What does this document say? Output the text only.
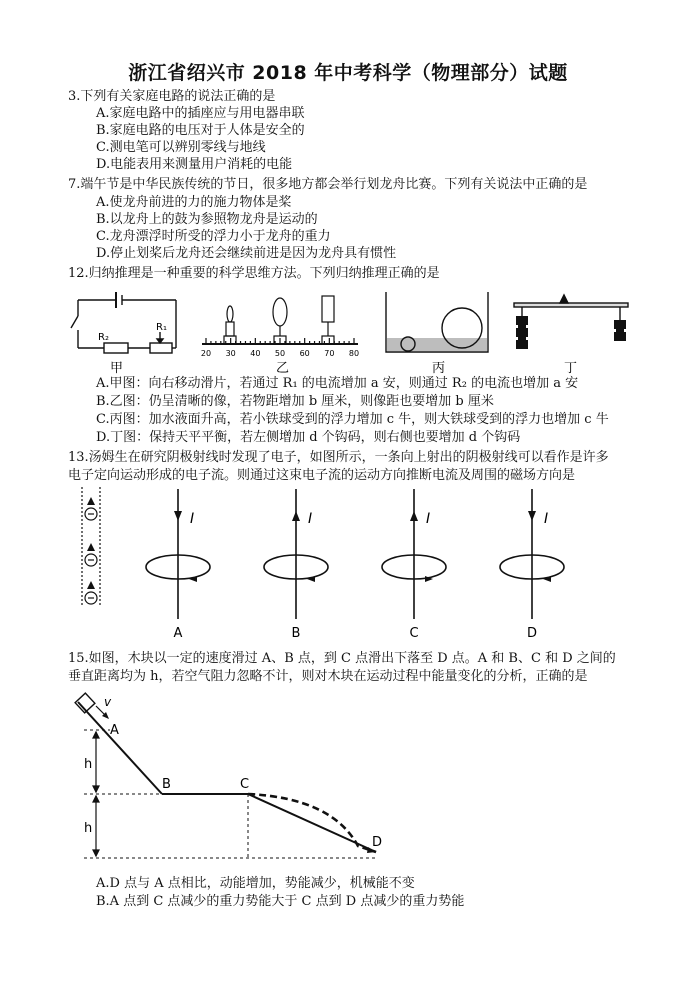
浙江省绍兴市 2018 年中考科学（物理部分）试题
3.下列有关家庭电路的说法正确的是
A.家庭电路中的插座应与用电器串联
B.家庭电路的电压对于人体是安全的
C.测电笔可以辨别零线与地线
D.电能表用来测量用户消耗的电能
7.端午节是中华民族传统的节日，很多地方都会举行划龙舟比赛。下列有关说法中正确的是
A.使龙舟前进的力的施力物体是桨
B.以龙舟上的鼓为参照物龙舟是运动的
C.龙舟漂浮时所受的浮力小于龙舟的重力
D.停止划桨后龙舟还会继续前进是因为龙舟具有惯性
12.归纳推理是一种重要的科学思维方法。下列归纳推理正确的是
R₂
R₁
甲
20 30 40 50 60 70 80
乙	丙	丁
A.甲图：向右移动滑片，若通过 R₁ 的电流增加 a 安，则通过 R₂ 的电流也增加 a 安
B.乙图：仍呈清晰的像，若物距增加 b 厘米，则像距也要增加 b 厘米
C.丙图：加水液面升高，若小铁球受到的浮力增加 c 牛，则大铁球受到的浮力也增加 c 牛
D.丁图：保持天平平衡，若左侧增加 d 个钩码，则右侧也要增加 d 个钩码
13.汤姆生在研究阴极射线时发现了电子，如图所示，一条向上射出的阴极射线可以看作是许多
电子定向运动形成的电子流。则通过这束电子流的运动方向推断电流及周围的磁场方向是
I
A
I
B
I
C
I
D
15.如图，木块以一定的速度滑过 A、B 点，到 C 点滑出下落至 D 点。A 和 B、C 和 D 之间的
垂直距离均为 h，若空气阻力忽略不计，则对木块在运动过程中能量变化的分析，正确的是
v
A
B	C
D
h
h
A.D 点与 A 点相比，动能增加，势能减少，机械能不变
B.A 点到 C 点减少的重力势能大于 C 点到 D 点减少的重力势能
